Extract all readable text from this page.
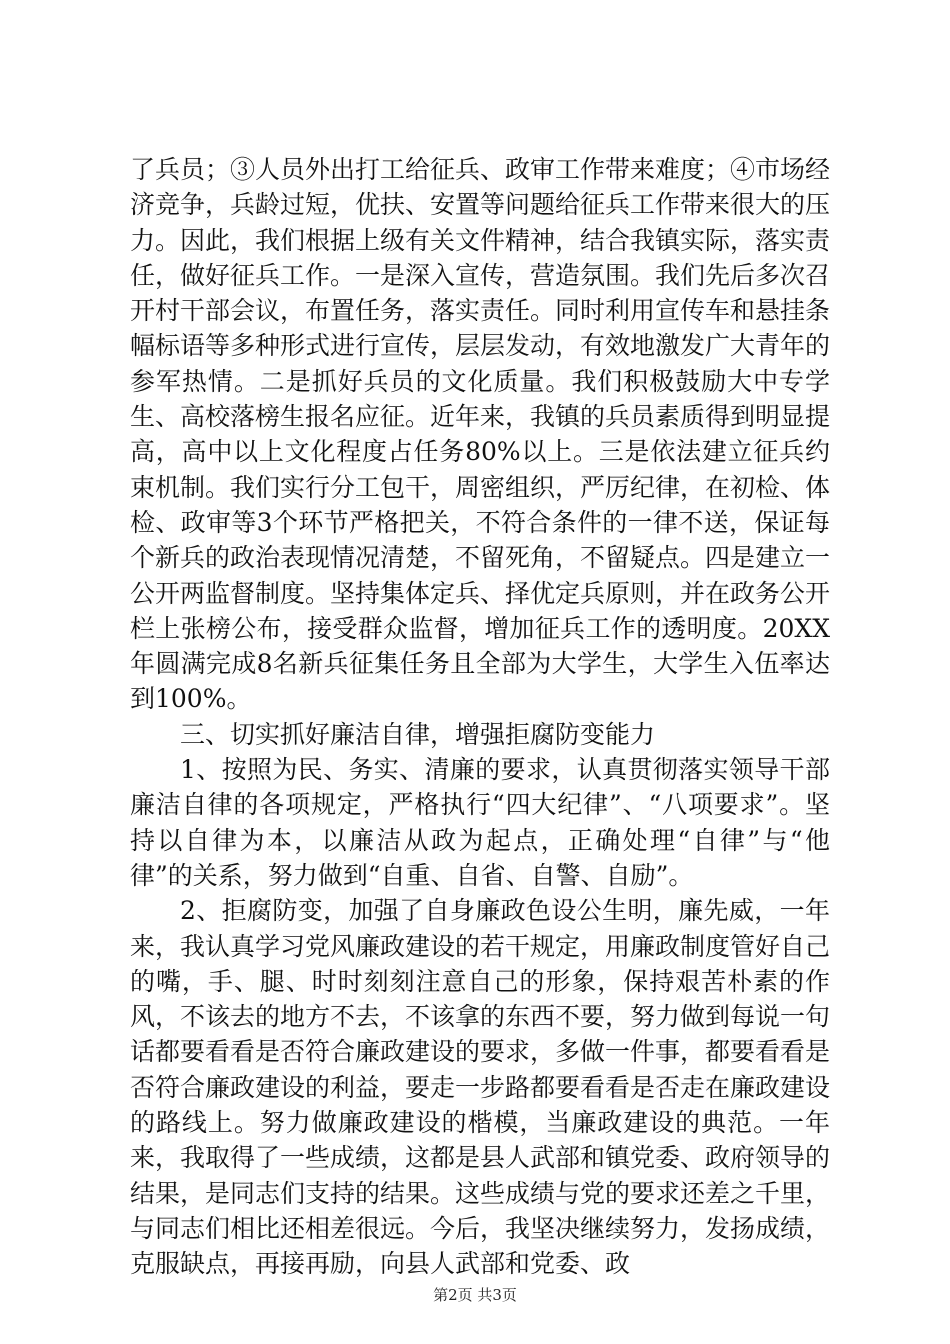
了兵员；③人员外出打工给征兵、政审工作带来难度；④市场经济竞争，兵龄过短，优扶、安置等问题给征兵工作带来很大的压力。因此，我们根据上级有关文件精神，结合我镇实际，落实责任，做好征兵工作。一是深入宣传，营造氛围。我们先后多次召开村干部会议，布置任务，落实责任。同时利用宣传车和悬挂条幅标语等多种形式进行宣传，层层发动，有效地激发广大青年的参军热情。二是抓好兵员的文化质量。我们积极鼓励大中专学生、高校落榜生报名应征。近年来，我镇的兵员素质得到明显提高，高中以上文化程度占任务80%以上。三是依法建立征兵约束机制。我们实行分工包干，周密组织，严厉纪律，在初检、体检、政审等3个环节严格把关，不符合条件的一律不送，保证每个新兵的政治表现情况清楚，不留死角，不留疑点。四是建立一公开两监督制度。坚持集体定兵、择优定兵原则，并在政务公开栏上张榜公布，接受群众监督，增加征兵工作的透明度。20XX年圆满完成8名新兵征集任务且全部为大学生，大学生入伍率达到100%。

三、切实抓好廉洁自律，增强拒腐防变能力

1、按照为民、务实、清廉的要求，认真贯彻落实领导干部廉洁自律的各项规定，严格执行“四大纪律”、“八项要求”。坚持以自律为本，以廉洁从政为起点，正确处理“自律”与“他律”的关系，努力做到“自重、自省、自警、自励”。

2、拒腐防变，加强了自身廉政色设公生明，廉先威，一年来，我认真学习党风廉政建设的若干规定，用廉政制度管好自己的嘴，手、腿、时时刻刻注意自己的形象，保持艰苦朴素的作风，不该去的地方不去，不该拿的东西不要，努力做到每说一句话都要看看是否符合廉政建设的要求，多做一件事，都要看看是否符合廉政建设的利益，要走一步路都要看看是否走在廉政建设的路线上。努力做廉政建设的楷模，当廉政建设的典范。一年来，我取得了一些成绩，这都是县人武部和镇党委、政府领导的结果，是同志们支持的结果。这些成绩与党的要求还差之千里，与同志们相比还相差很远。今后，我坚决继续努力，发扬成绩，克服缺点，再接再励，向县人武部和党委、政

第2页 共3页
